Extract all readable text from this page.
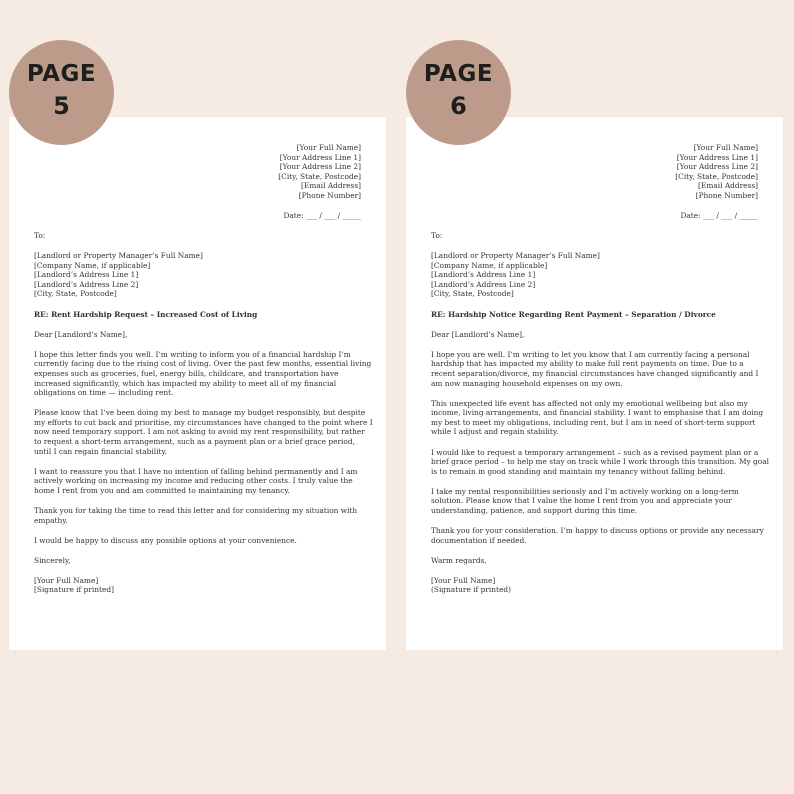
[Your Full Name]
[Your Address Line 1]
[Your Address Line 2]
[City, State, Postcode]
[Email Address]
[Phone Number]
Date: ___ / ___ / _____

To:

[Landlord or Property Manager’s Full Name]
[Company Name, if applicable]
[Landlord’s Address Line 1]
[Landlord’s Address Line 2]
[City, State, Postcode]

RE: Rent Hardship Request – Increased Cost of Living

Dear [Landlord’s Name],

I hope this letter finds you well. I’m writing to inform you of a financial hardship I’m
currently facing due to the rising cost of living. Over the past few months, essential living
expenses such as groceries, fuel, energy bills, childcare, and transportation have
increased significantly, which has impacted my ability to meet all of my financial
obligations on time — including rent.

Please know that I’ve been doing my best to manage my budget responsibly, but despite
my efforts to cut back and prioritise, my circumstances have changed to the point where I
now need temporary support. I am not asking to avoid my rent responsibility, but rather
to request a short-term arrangement, such as a payment plan or a brief grace period,
until I can regain financial stability.

I want to reassure you that I have no intention of falling behind permanently and I am
actively working on increasing my income and reducing other costs. I truly value the
home I rent from you and am committed to maintaining my tenancy.

Thank you for taking the time to read this letter and for considering my situation with
empathy.

I would be happy to discuss any possible options at your convenience.

Sincerely,

[Your Full Name]
[Signature if printed]

[Your Full Name]
[Your Address Line 1]
[Your Address Line 2]
[City, State, Postcode]
[Email Address]
[Phone Number]
Date: ___ / ___ / _____

To:

[Landlord or Property Manager’s Full Name]
[Company Name, if applicable]
[Landlord’s Address Line 1]
[Landlord’s Address Line 2]
[City, State, Postcode]

RE: Hardship Notice Regarding Rent Payment – Separation / Divorce

Dear [Landlord’s Name],

I hope you are well. I’m writing to let you know that I am currently facing a personal
hardship that has impacted my ability to make full rent payments on time. Due to a
recent separation/divorce, my financial circumstances have changed significantly and I
am now managing household expenses on my own.

This unexpected life event has affected not only my emotional wellbeing but also my
income, living arrangements, and financial stability. I want to emphasise that I am doing
my best to meet my obligations, including rent, but I am in need of short-term support
while I adjust and regain stability.

I would like to request a temporary arrangement – such as a revised payment plan or a
brief grace period – to help me stay on track while I work through this transition. My goal
is to remain in good standing and maintain my tenancy without falling behind.

I take my rental responsibilities seriously and I’m actively working on a long-term
solution. Please know that I value the home I rent from you and appreciate your
understanding, patience, and support during this time.

Thank you for your consideration. I’m happy to discuss options or provide any necessary
documentation if needed.

Warm regards,

[Your Full Name]
(Signature if printed)

PAGE
5
PAGE
6
